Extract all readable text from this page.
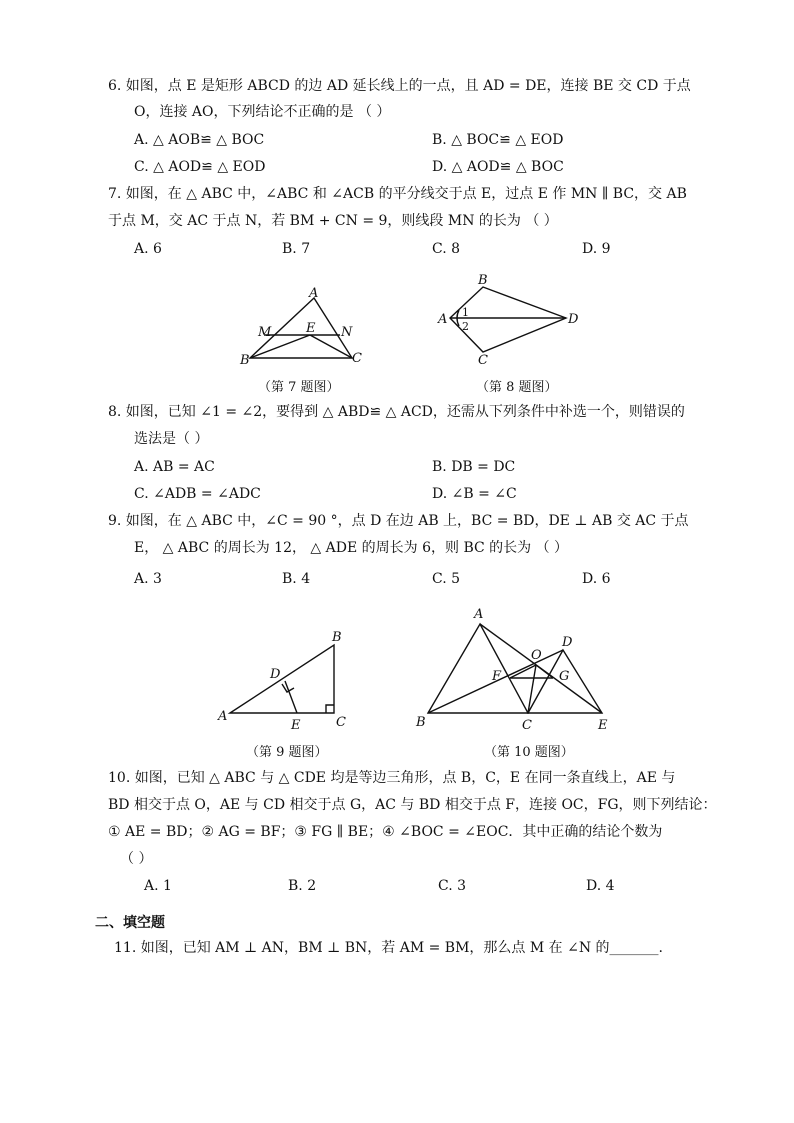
6. 如图，点 E 是矩形 ABCD 的边 AD 延长线上的一点，且 AD = DE，连接 BE 交 CD 于点
O，连接 AO，下列结论不正确的是 （ ）
A. △ AOB≌ △ BOC	B. △ BOC≌ △ EOD
C. △ AOD≌ △ EOD	D. △ AOD≌ △ BOC
7. 如图，在 △ ABC 中，∠ABC 和 ∠ACB 的平分线交于点 E，过点 E 作 MN ∥ BC，交 AB
于点 M，交 AC 于点 N，若 BM + CN = 9，则线段 MN 的长为 （ ）
A. 6	B. 7	C. 8	D. 9
A
B	C
M	N
E
（第 7 题图）
B
C
A	D
1
2
（第 8 题图）
8. 如图，已知 ∠1 = ∠2，要得到 △ ABD≌ △ ACD，还需从下列条件中补选一个，则错误的
选法是（ ）
A. AB = AC	B. DB = DC
C. ∠ADB = ∠ADC	D. ∠B = ∠C
9. 如图，在 △ ABC 中，∠C = 90 °，点 D 在边 AB 上，BC = BD，DE ⊥ AB 交 AC 于点
E， △ ABC 的周长为 12， △ ADE 的周长为 6，则 BC 的长为 （ ）
A. 3	B. 4	C. 5	D. 6
A
B
C
D
E
（第 9 题图）
A
B	C
D
E
F	G
O
（第 10 题图）
10. 如图，已知 △ ABC 与 △ CDE 均是等边三角形，点 B，C，E 在同一条直线上，AE 与
BD 相交于点 O，AE 与 CD 相交于点 G，AC 与 BD 相交于点 F，连接 OC，FG，则下列结论：
① AE = BD；② AG = BF；③ FG ∥ BE；④ ∠BOC = ∠EOC．其中正确的结论个数为
（ ）
A. 1	B. 2	C. 3	D. 4
二、填空题
11. 如图，已知 AM ⊥ AN，BM ⊥ BN，若 AM = BM，那么点 M 在 ∠N 的_______.
